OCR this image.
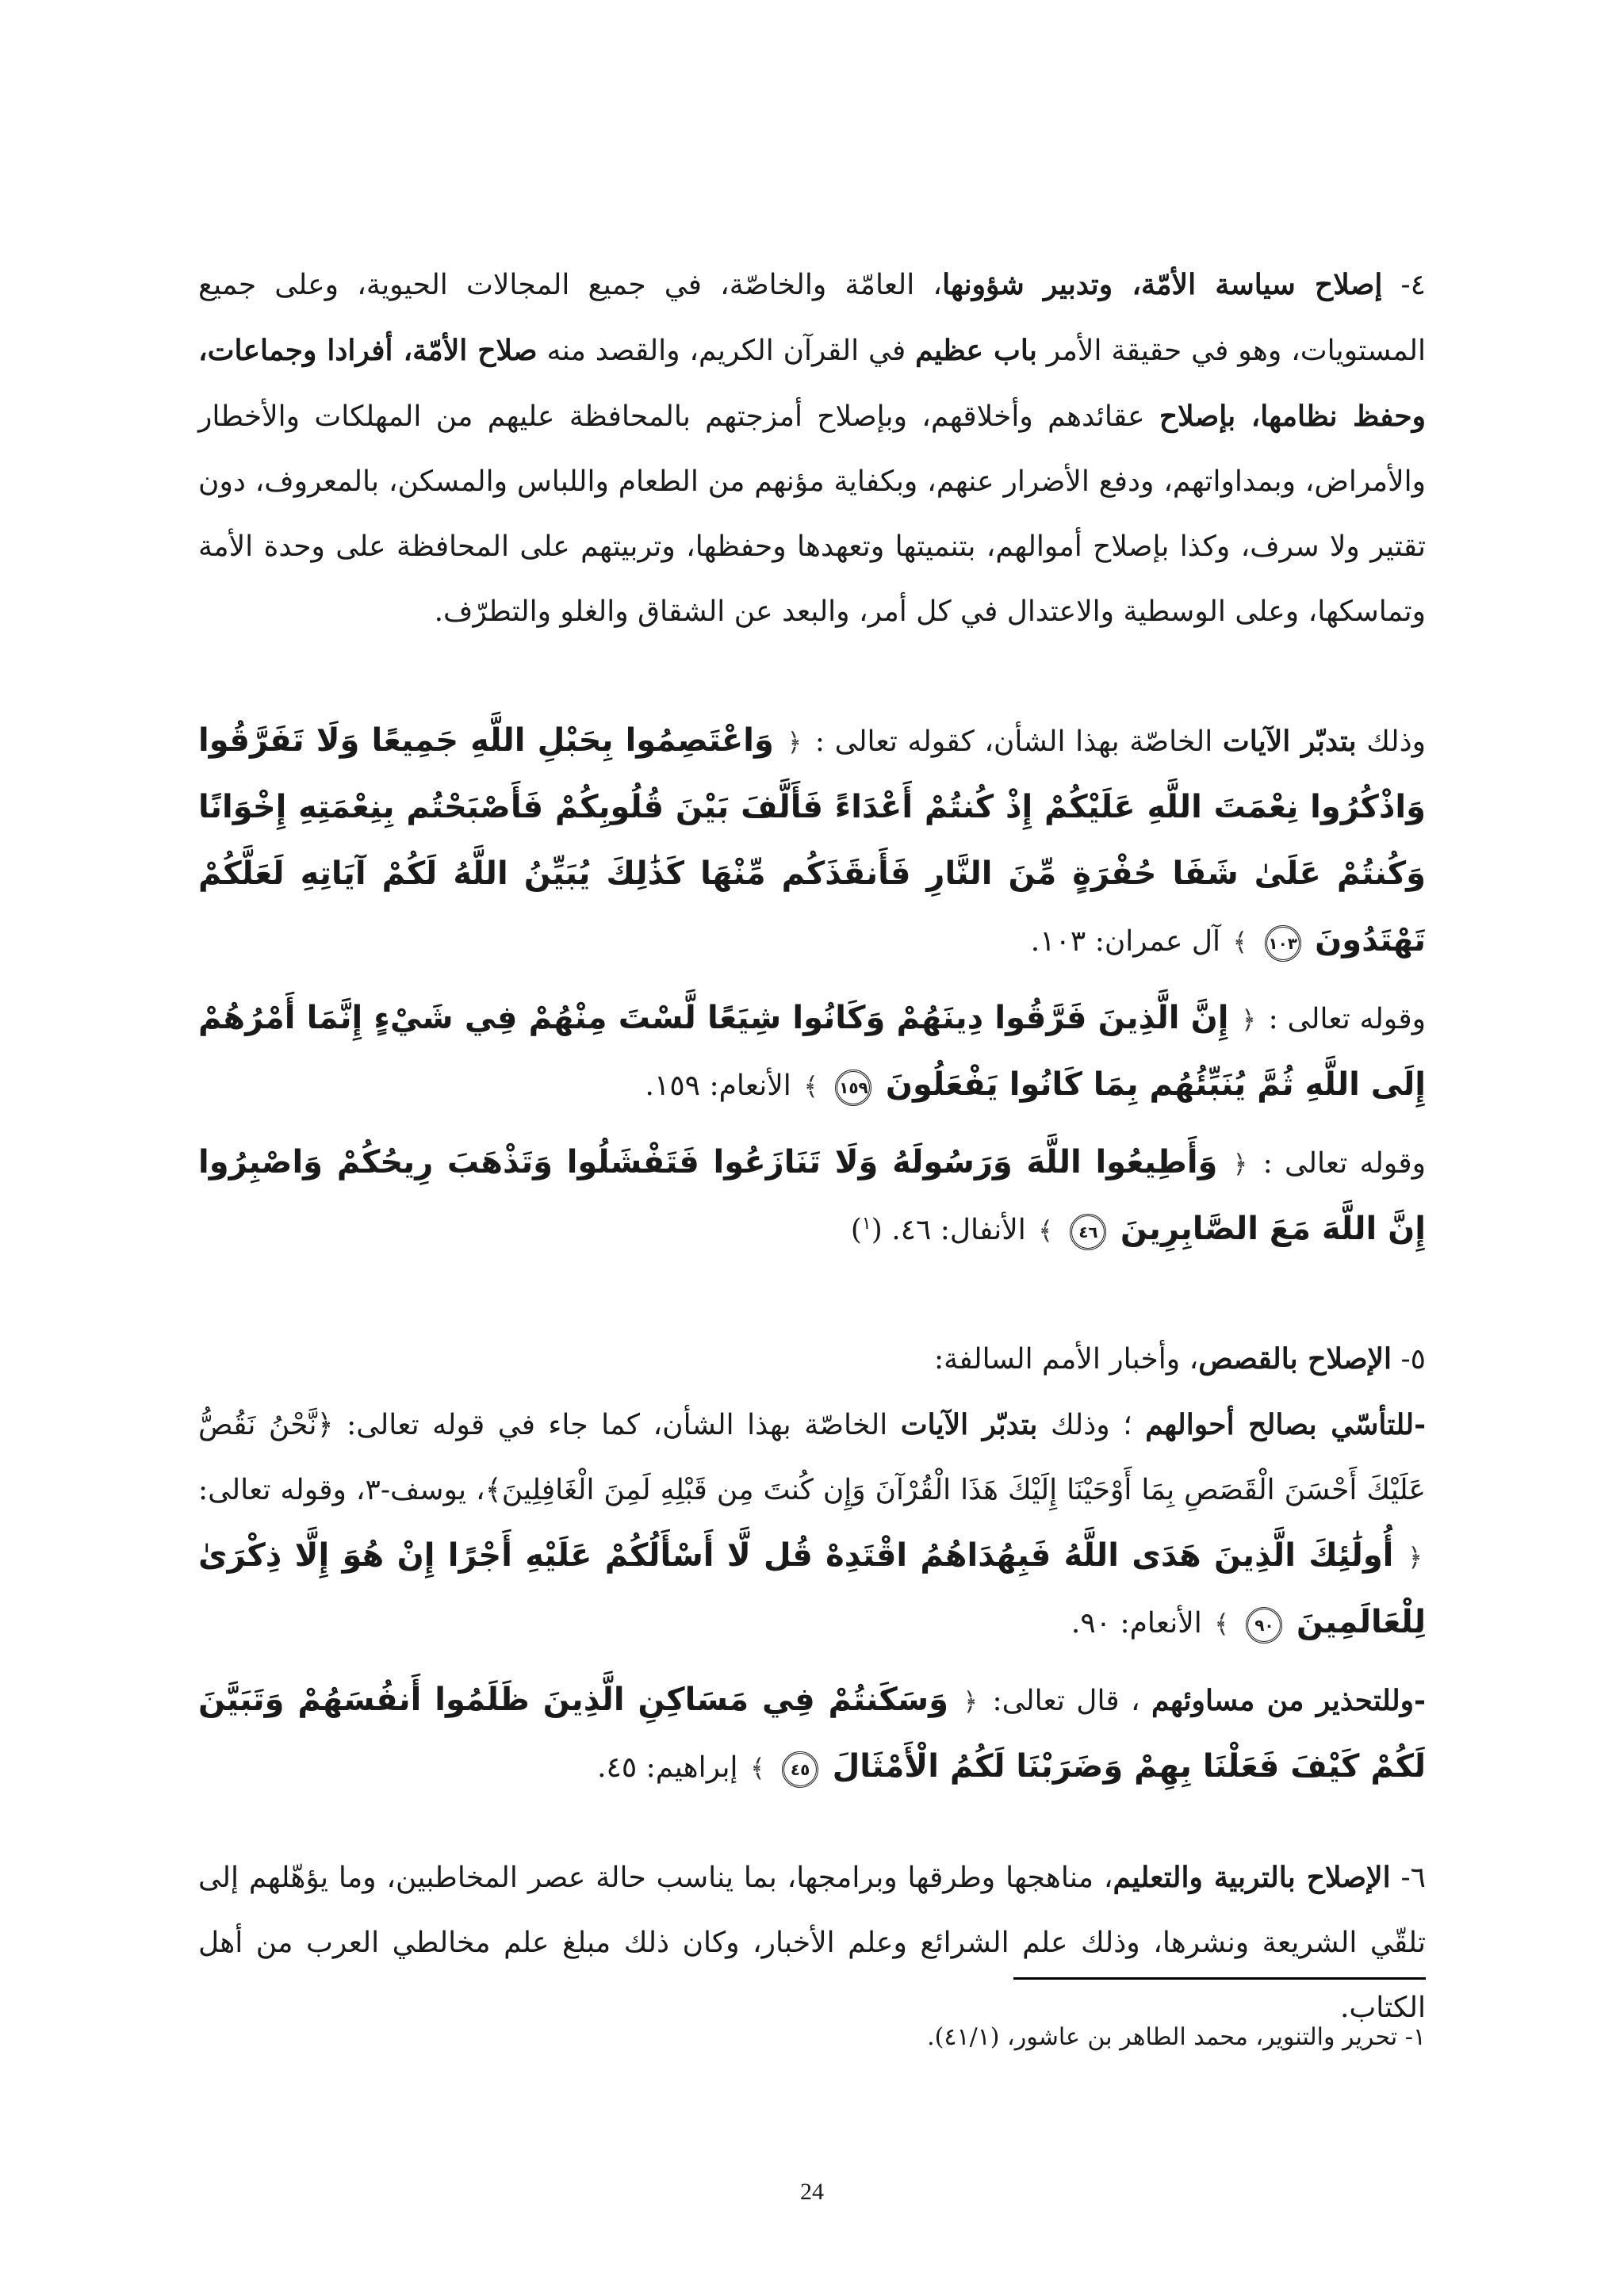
٤- إصلاح سياسة الأمّة، وتدبير شؤونها، العامّة والخاصّة، في جميع المجالات الحيوية، وعلى جميع المستويات، وهو في حقيقة الأمر باب عظيم في القرآن الكريم، والقصد منه صلاح الأمّة، أفرادا وجماعات، وحفظ نظامها، بإصلاح عقائدهم وأخلاقهم، وبإصلاح أمزجتهم بالمحافظة عليهم من المهلكات والأخطار والأمراض، وبمداواتهم، ودفع الأضرار عنهم، وبكفاية مؤنهم من الطعام واللباس والمسكن، بالمعروف، دون تقتير ولا سرف، وكذا بإصلاح أموالهم، بتنميتها وتعهدها وحفظها، وتربيتهم على المحافظة على وحدة الأمة وتماسكها، وعلى الوسطية والاعتدال في كل أمر، والبعد عن الشقاق والغلو والتطرّف.

وذلك بتدبّر الآيات الخاصّة بهذا الشأن، كقوله تعالى : ﴿ وَاعْتَصِمُوا بِحَبْلِ اللَّهِ جَمِيعًا وَلَا تَفَرَّقُوا وَاذْكُرُوا نِعْمَتَ اللَّهِ عَلَيْكُمْ إِذْ كُنتُمْ أَعْدَاءً فَأَلَّفَ بَيْنَ قُلُوبِكُمْ فَأَصْبَحْتُم بِنِعْمَتِهِ إِخْوَانًا وَكُنتُمْ عَلَىٰ شَفَا حُفْرَةٍ مِّنَ النَّارِ فَأَنقَذَكُم مِّنْهَا كَذَٰلِكَ يُبَيِّنُ اللَّهُ لَكُمْ آيَاتِهِ لَعَلَّكُمْ تَهْتَدُونَ ١٠٣ ﴾ آل عمران: ١٠٣.

وقوله تعالى : ﴿ إِنَّ الَّذِينَ فَرَّقُوا دِينَهُمْ وَكَانُوا شِيَعًا لَّسْتَ مِنْهُمْ فِي شَيْءٍ إِنَّمَا أَمْرُهُمْ إِلَى اللَّهِ ثُمَّ يُنَبِّئُهُم بِمَا كَانُوا يَفْعَلُونَ ١٥٩ ﴾ الأنعام: ١٥٩.

وقوله تعالى : ﴿ وَأَطِيعُوا اللَّهَ وَرَسُولَهُ وَلَا تَنَازَعُوا فَتَفْشَلُوا وَتَذْهَبَ رِيحُكُمْ وَاصْبِرُوا إِنَّ اللَّهَ مَعَ الصَّابِرِينَ ٤٦ ﴾ الأنفال: ٤٦. ($^١$)

٥- الإصلاح بالقصص، وأخبار الأمم السالفة:

-للتأسّي بصالح أحوالهم ؛ وذلك بتدبّر الآيات الخاصّة بهذا الشأن، كما جاء في قوله تعالى: ﴿نَّحْنُ نَقُصُّ عَلَيْكَ أَحْسَنَ الْقَصَصِ بِمَا أَوْحَيْنَا إِلَيْكَ هَذَا الْقُرْآنَ وَإِن كُنتَ مِن قَبْلِهِ لَمِنَ الْغَافِلِينَ﴾، يوسف-٣، وقوله تعالى: ﴿ أُولَٰئِكَ الَّذِينَ هَدَى اللَّهُ فَبِهُدَاهُمُ اقْتَدِهْ قُل لَّا أَسْأَلُكُمْ عَلَيْهِ أَجْرًا إِنْ هُوَ إِلَّا ذِكْرَىٰ لِلْعَالَمِينَ ٩٠ ﴾ الأنعام: ٩٠.

-وللتحذير من مساوئهم ، قال تعالى: ﴿ وَسَكَنتُمْ فِي مَسَاكِنِ الَّذِينَ ظَلَمُوا أَنفُسَهُمْ وَتَبَيَّنَ لَكُمْ كَيْفَ فَعَلْنَا بِهِمْ وَضَرَبْنَا لَكُمُ الْأَمْثَالَ ٤٥ ﴾ إبراهيم: ٤٥.

٦- الإصلاح بالتربية والتعليم، مناهجها وطرقها وبرامجها، بما يناسب حالة عصر المخاطبين، وما يؤهّلهم إلى تلقّي الشريعة ونشرها، وذلك علم الشرائع وعلم الأخبار، وكان ذلك مبلغ علم مخالطي العرب من أهل الكتاب.

١- تحرير والتنوير، محمد الطاهر بن عاشور، (٤١/١).
24
